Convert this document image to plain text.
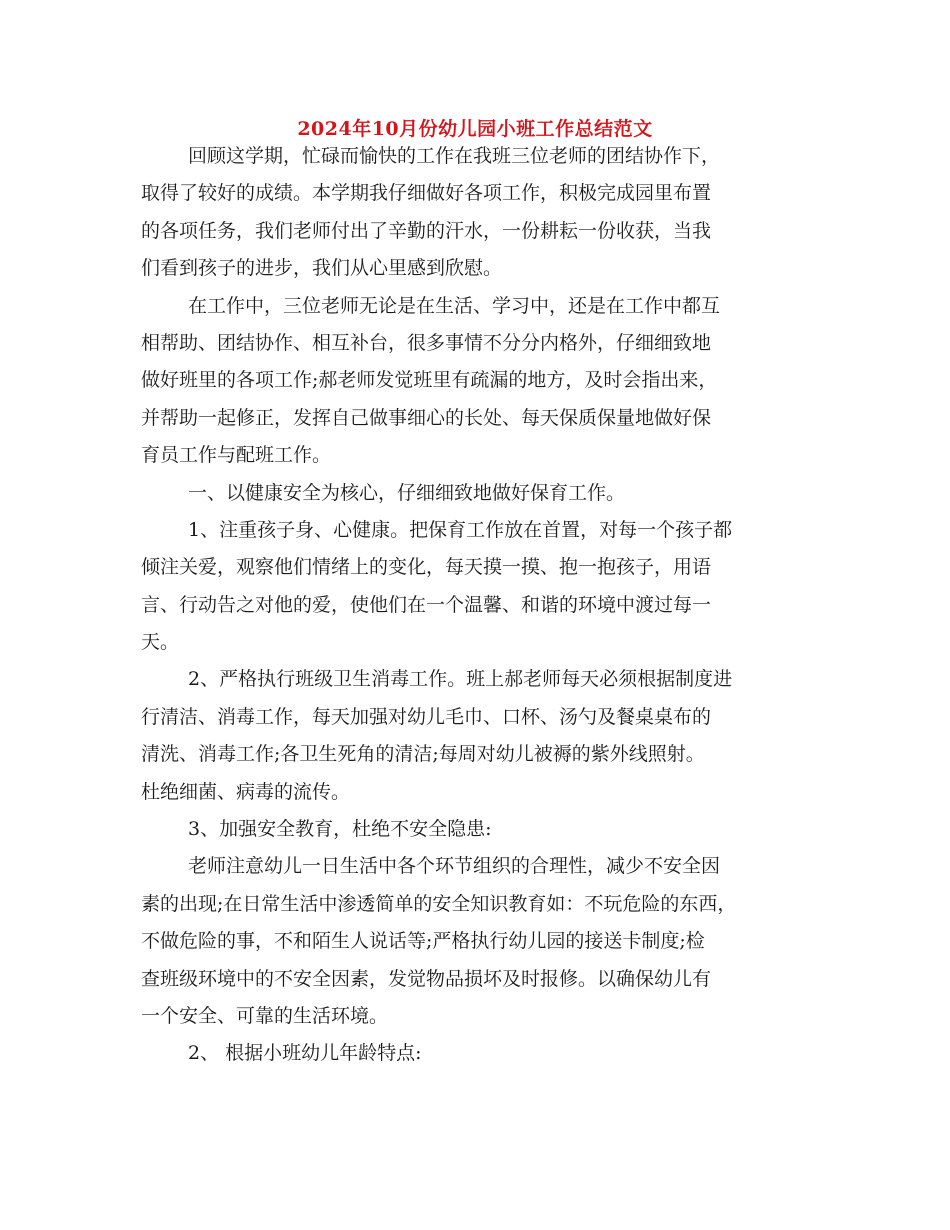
2024年10月份幼儿园小班工作总结范文
回顾这学期，忙碌而愉快的工作在我班三位老师的团结协作下，
取得了较好的成绩。本学期我仔细做好各项工作，积极完成园里布置
的各项任务，我们老师付出了辛勤的汗水，一份耕耘一份收获，当我
们看到孩子的进步，我们从心里感到欣慰。
在工作中，三位老师无论是在生活、学习中，还是在工作中都互
相帮助、团结协作、相互补台，很多事情不分分内格外，仔细细致地
做好班里的各项工作;郝老师发觉班里有疏漏的地方，及时会指出来，
并帮助一起修正，发挥自己做事细心的长处、每天保质保量地做好保
育员工作与配班工作。
一、以健康安全为核心，仔细细致地做好保育工作。
1、注重孩子身、心健康。把保育工作放在首置，对每一个孩子都
倾注关爱，观察他们情绪上的变化，每天摸一摸、抱一抱孩子，用语
言、行动告之对他的爱，使他们在一个温馨、和谐的环境中渡过每一
天。
2、严格执行班级卫生消毒工作。班上郝老师每天必须根据制度进
行清洁、消毒工作，每天加强对幼儿毛巾、口杯、汤勺及餐桌桌布的
清洗、消毒工作;各卫生死角的清洁;每周对幼儿被褥的紫外线照射。
杜绝细菌、病毒的流传。
3、加强安全教育，杜绝不安全隐患:
老师注意幼儿一日生活中各个环节组织的合理性，减少不安全因
素的出现;在日常生活中渗透简单的安全知识教育如：不玩危险的东西，
不做危险的事，不和陌生人说话等;严格执行幼儿园的接送卡制度;检
查班级环境中的不安全因素，发觉物品损坏及时报修。以确保幼儿有
一个安全、可靠的生活环境。
2、 根据小班幼儿年龄特点:
